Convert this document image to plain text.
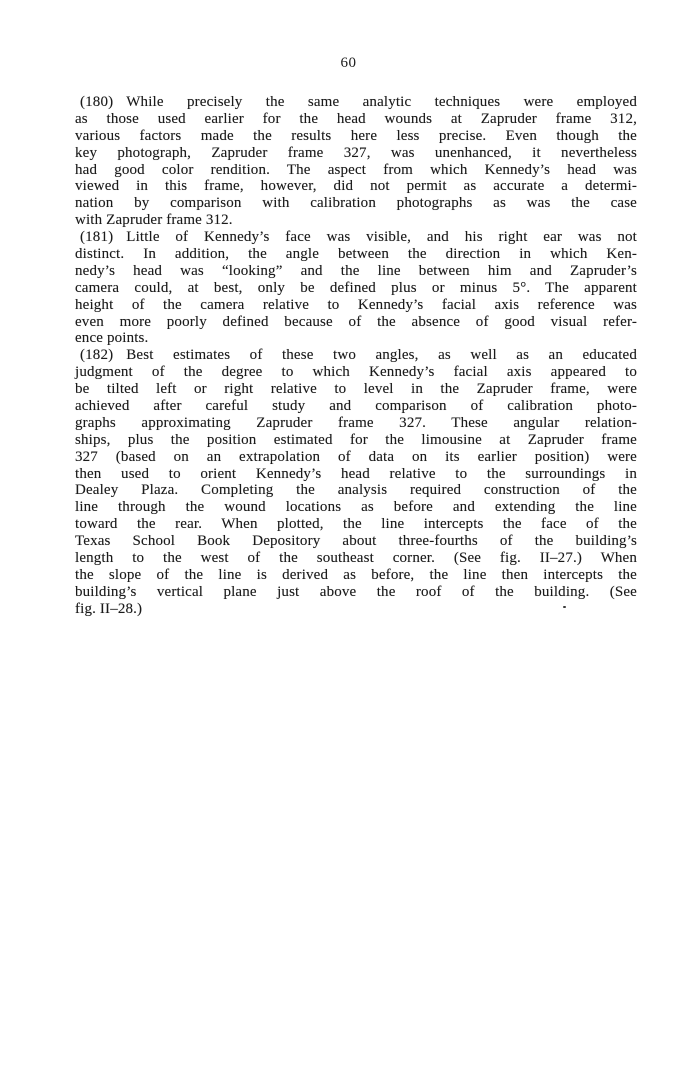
60
(180) While precisely the same analytic techniques were employed
as those used earlier for the head wounds at Zapruder frame 312,
various factors made the results here less precise. Even though the
key photograph, Zapruder frame 327, was unenhanced, it nevertheless
had good color rendition. The aspect from which Kennedy’s head was
viewed in this frame, however, did not permit as accurate a determi-
nation by comparison with calibration photographs as was the case
with Zapruder frame 312.
(181) Little of Kennedy’s face was visible, and his right ear was not
distinct. In addition, the angle between the direction in which Ken-
nedy’s head was “looking” and the line between him and Zapruder’s
camera could, at best, only be defined plus or minus 5°. The apparent
height of the camera relative to Kennedy’s facial axis reference was
even more poorly defined because of the absence of good visual refer-
ence points.
(182) Best estimates of these two angles, as well as an educated
judgment of the degree to which Kennedy’s facial axis appeared to
be tilted left or right relative to level in the Zapruder frame, were
achieved after careful study and comparison of calibration photo-
graphs approximating Zapruder frame 327. These angular relation-
ships, plus the position estimated for the limousine at Zapruder frame
327 (based on an extrapolation of data on its earlier position) were
then used to orient Kennedy’s head relative to the surroundings in
Dealey Plaza. Completing the analysis required construction of the
line through the wound locations as before and extending the line
toward the rear. When plotted, the line intercepts the face of the
Texas School Book Depository about three-fourths of the building’s
length to the west of the southeast corner. (See fig. II–27.) When
the slope of the line is derived as before, the line then intercepts the
building’s vertical plane just above the roof of the building. (See
fig. II–28.)
